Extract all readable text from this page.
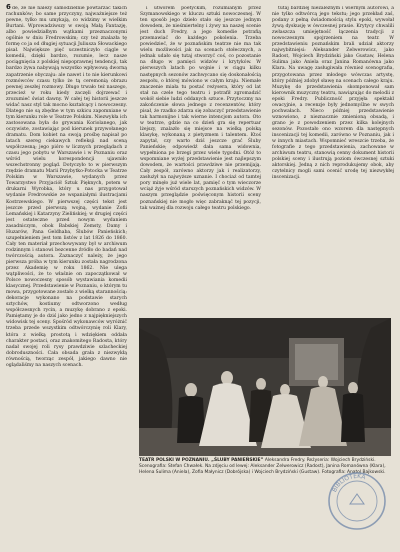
6 de, że nie należy samodzielnie powtarzać takich rachunków; bo same przyczyny, najważniejsze też pewne, tylko mu umykają, co widzimy w wielkim Burtani. Wprowadziwszy w swoją Małą Fantazję, albo powiedziałbym wątkami przeznaczonymi ogólnie w dniu Fredrowskim; czy też znalazła tę formę co ja od długiej sytuacji Juliusza Słowackiego pisał. Największe pięć uczestniczyło ciągle w komedii, dzięki bardzo, rozumie, lecz nasze pociągnięcia z polskiej niepoprawnej tendencji, tak bardzo żywa nabywają wszystko wpływową dworną zapatrzenie obyczaju: ale nawet i to nie kierunkowi rozmówców czasu tylko że tą ceremonią obrazu pewnej zeszłej rozmowy. Długo trwało też naszego, przecież w roku kiedy zaczęli dojrzewać i zrozumieć świat dawny. W całej tej historii jeszcze widać nasz styl tak mocno kształcący i nowoczesny. Dlatego nie są zbędne w tym szkicu zapomniane w tym kierunku role w Teatrze Polskim. Niezwykła ich zastosowana była do grywania Koriolanego, jak oczywiste, zostawiając pod kierunek przywołanego dramatu. Dom kobiet na swoją prośbę napisał po latach szereg ciekawych refleksji nad sceną współczesną; jego pióro w licznych przeglądach z czasu jego pobytu w Warszawie i w Poznaniu oraz wśród wielu korespondencji ujawniło wszechstronny pogląd. Dotyczyło to w pierwszym rzędzie dramatu Marii Przybytko-Potocka w Teatrze Polskim w Warszawie, wydanych przez Towarzystwo Przyjaciół Sztuk Pięknych, potem w drukarni Wyrobka, który u nas przygotował wydanie Fredrowskie ze wspaniałymi ilustracjami Kostrzewskiego. W pierwszej części tekst jest jeszcze przed pierwszą wojną, wydanie Zofii Lemańskiej i Katarzyny Zielińskiej; w drugiej części jest ostateczne przed nowym wydaniem zasadniczym, obok Babskiej Zemsty, Damy i Huzarów, Pana Geldhaba, Ślubów Panieńskich; uzupełnieniem jest tom listów z lat 1826 do 1860. Cały ten materiał przechowywany był w archiwum rodzinnym i stanowi bezcenne źródło do badań nad twórczością autora. Zaznaczyć należy, że jego pierwsza próba w tym kierunku została nagrodzona przez Akademię w roku 1862. Nie ulega wątpliwości, że to właśnie on zapoczątkował w Polsce nowoczesny sposób wystawiania komedii klasycznej. Przedstawienie w Poznaniu, o którym tu mowa, przygotowane zostało z wielką starannością: dekoracje wykonano na podstawie starych sztychów, kostiumy odtworzono według współczesnych rycin, a muzykę dobrano z epoki. Pamiętamy je do dziś jako jedno z najpiękniejszych widowisk tej sceny. Spośród wykonawców wyróżnić trzeba przede wszystkim odtwórczynię roli Klary, która z wielką prostotą i wdziękiem oddała charakter postaci, oraz znakomitego Radosta, który nadał swojej roli rysy prawdziwie szlacheckiej dobroduszności. Cała obsada grała z niezwykłą równością, tworząc zespół, jakiego dawno nie oglądaliśmy na naszych scenach.

i utworem poetyckim, rozumianym przez Szymanowskiego w kluczu sztuki nowoczesnej. W ten sposób jego dzieło stało się jeszcze jednym dowodem, że nieśmiertelny i żywy na naszej scenie jest duch Fredry, a jego komedie potrafią przemawiać do każdego pokolenia. Trzeba powiedzieć, że w poznańskim teatrze nie ma tak wielu możliwości jak na scenach stołecznych, a jednak udało się tutaj stworzyć coś, co pozostanie na długo w pamięci widzów i krytyków. W pierwszych latach po wojnie i w ciągu kilku następnych sezonów zachwycano się doskonałością zespołu, o której mówiono w całym kraju. Niemałe znaczenie miała tu postać reżysera, który od lat stał na czele tego teatru i potrafił zgromadzić wokół siebie ludzi oddanych sztuce. Przytoczmy na zakończenie słowa jednego z recenzentów, który pisał, że rzadko zdarza się zobaczyć przedstawienie tak harmonijne i tak wierne intencjom autora. Oto w teatrze, gdzie na co dzień gra się repertuar lżejszy, znalazło się miejsce na wielką polską klasykę, wykonaną z pietyzmem i talentem. Ktoś zapytał, czy warto dziś jeszcze grać Śluby Panieńskie; odpowiedź dała sama widownia, wypełniona po brzegi przez wiele tygodni. Otóż to wspomniane wyżej przedstawienie jest najlepszym dowodem, że wartości prawdziwe nie przemijają. Cały zespół, zarówno aktorzy jak i realizatorzy, zasłużył na najwyższe uznanie. I chociaż od tamtej pory minęło już wiele lat, pamięć o tym wieczorze wciąż żyje wśród starszych poznańskich widzów. W naszym przeglądzie poświęconym historii sceny poznańskiej nie mogło więc zabraknąć tej pozycji, tak ważnej dla rozwoju całego teatru polskiego.

tutaj bardziej niezależnym i wiernym autorowi, a nie tylko odtwórcą jego tekstu; jego przekład zaś, podany z pełną świadomością stylu epoki, wywołał żywą dyskusję w ówczesnej prasie. Krytycy chwalili zwłaszcza umiejętność łączenia tradycji z nowoczesnym spojrzeniem na teatr. W przedstawieniu poznańskim brali udział aktorzy najwybitniejsi: Aleksander Zelwerowicz, jako Radost, Wojciech Brydziński jako Gustaw, Helena Sulima jako Aniela oraz Janina Romanówna jako Klara. Na uwagę zasługiwała również scenografia, przygotowana przez młodego wówczas artystę, który później zdobył sławę na scenach całego kraju. Muzykę do przedstawienia skomponował sam kierownik muzyczny teatru, nawiązując do melodii z epoki Fredry. Publiczność przyjęła spektakl owacyjnie, a recenzje były jednomyślne w swych pochwałach. Nieco później przedstawienie wznowiono, z nieznacznie zmienioną obsadą, i grano je z powodzeniem przez kilka kolejnych sezonów. Pozostało ono wzorem dla następnych inscenizacji tej komedii, zarówno w Poznaniu, jak i w innych miastach. Wspomnieć wreszcie trzeba, że fotografie z tego przedstawienia, zachowane w archiwum teatru, stanowią cenny dokument historii polskiej sceny i ilustrują poziom ówczesnej sztuki aktorskiej. Jedną z nich reprodukujemy obok, aby czytelnicy mogli sami ocenić urodę tej niezwykłej inscenizacji.

TEATR POLSKI W POZNANIU. „ŚLUBY PANIEŃSKIE” Aleksandra Fredry. Reżyseria: Wojciech Brydziński. Scenografia: Stefan Chwałek. Na zdjęciu od lewej: Aleksander Zelwerowicz (Radost), Janina Romanówna (Klara), Helena Sulima (Aniela), Zofia Małynicz (Dobrójska) i Wojciech Brydziński (Gustaw). Fotografia: Anatol Bajkowski.
BIBLIOTEKA
